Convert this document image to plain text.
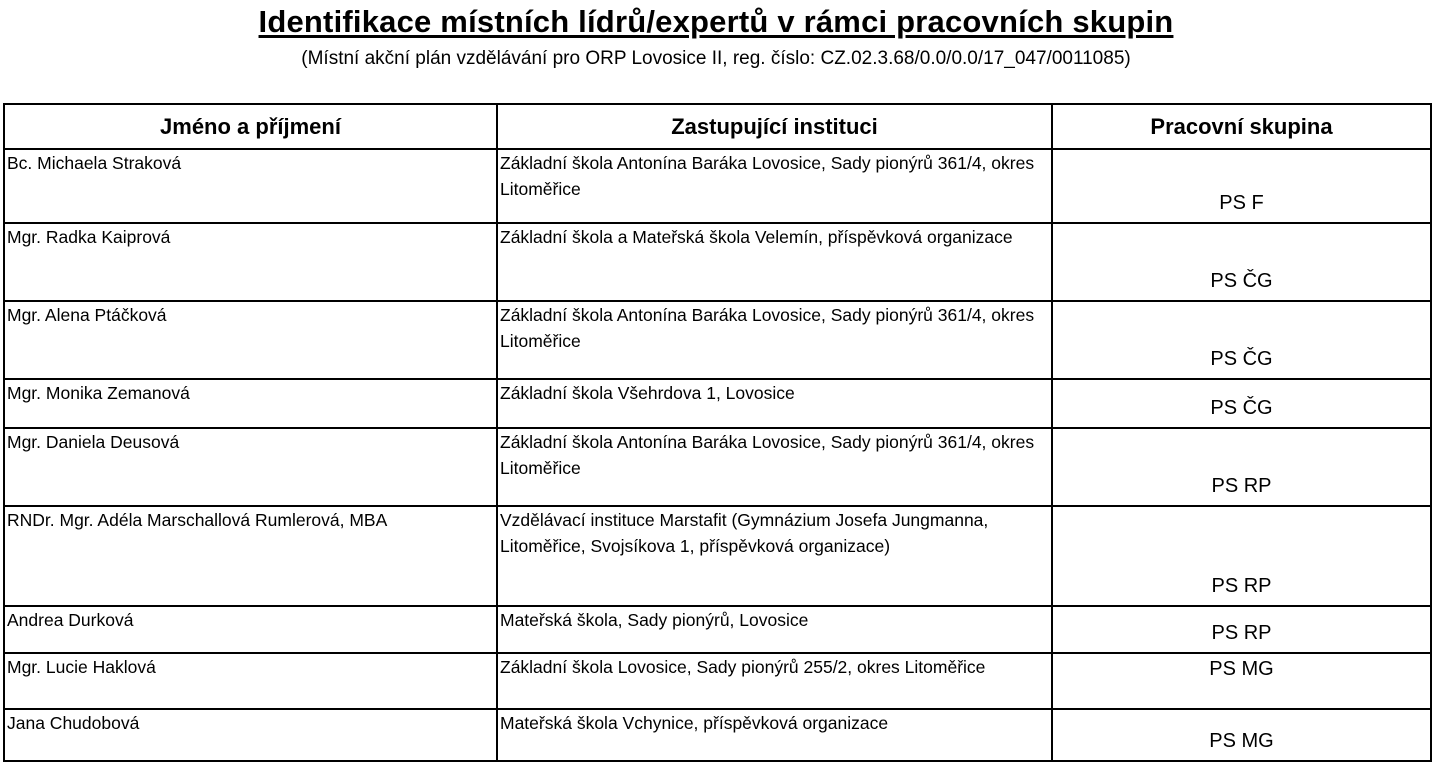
Identifikace místních lídrů/expertů v rámci pracovních skupin

(Místní akční plán vzdělávání pro ORP Lovosice II, reg. číslo: CZ.02.3.68/0.0/0.0/17_047/0011085)

Jméno a příjmení	Zastupující instituci	Pracovní skupina
Bc. Michaela Straková	Základní škola Antonína Baráka Lovosice, Sady pionýrů 361/4, okres Litoměřice	PS F
Mgr. Radka Kaiprová	Základní škola a Mateřská škola Velemín, příspěvková organizace	PS ČG
Mgr. Alena Ptáčková	Základní škola Antonína Baráka Lovosice, Sady pionýrů 361/4, okres Litoměřice	PS ČG
Mgr. Monika Zemanová	Základní škola Všehrdova 1, Lovosice	PS ČG
Mgr. Daniela Deusová	Základní škola Antonína Baráka Lovosice, Sady pionýrů 361/4, okres Litoměřice	PS RP
RNDr. Mgr. Adéla Marschallová Rumlerová, MBA	Vzdělávací instituce Marstafit (Gymnázium Josefa Jungmanna, Litoměřice, Svojsíkova 1, příspěvková organizace)	PS RP
Andrea Durková	Mateřská škola, Sady pionýrů, Lovosice	PS RP
Mgr. Lucie Haklová	Základní škola Lovosice, Sady pionýrů 255/2, okres Litoměřice	PS MG
Jana Chudobová	Mateřská škola Vchynice, příspěvková organizace	PS MG
